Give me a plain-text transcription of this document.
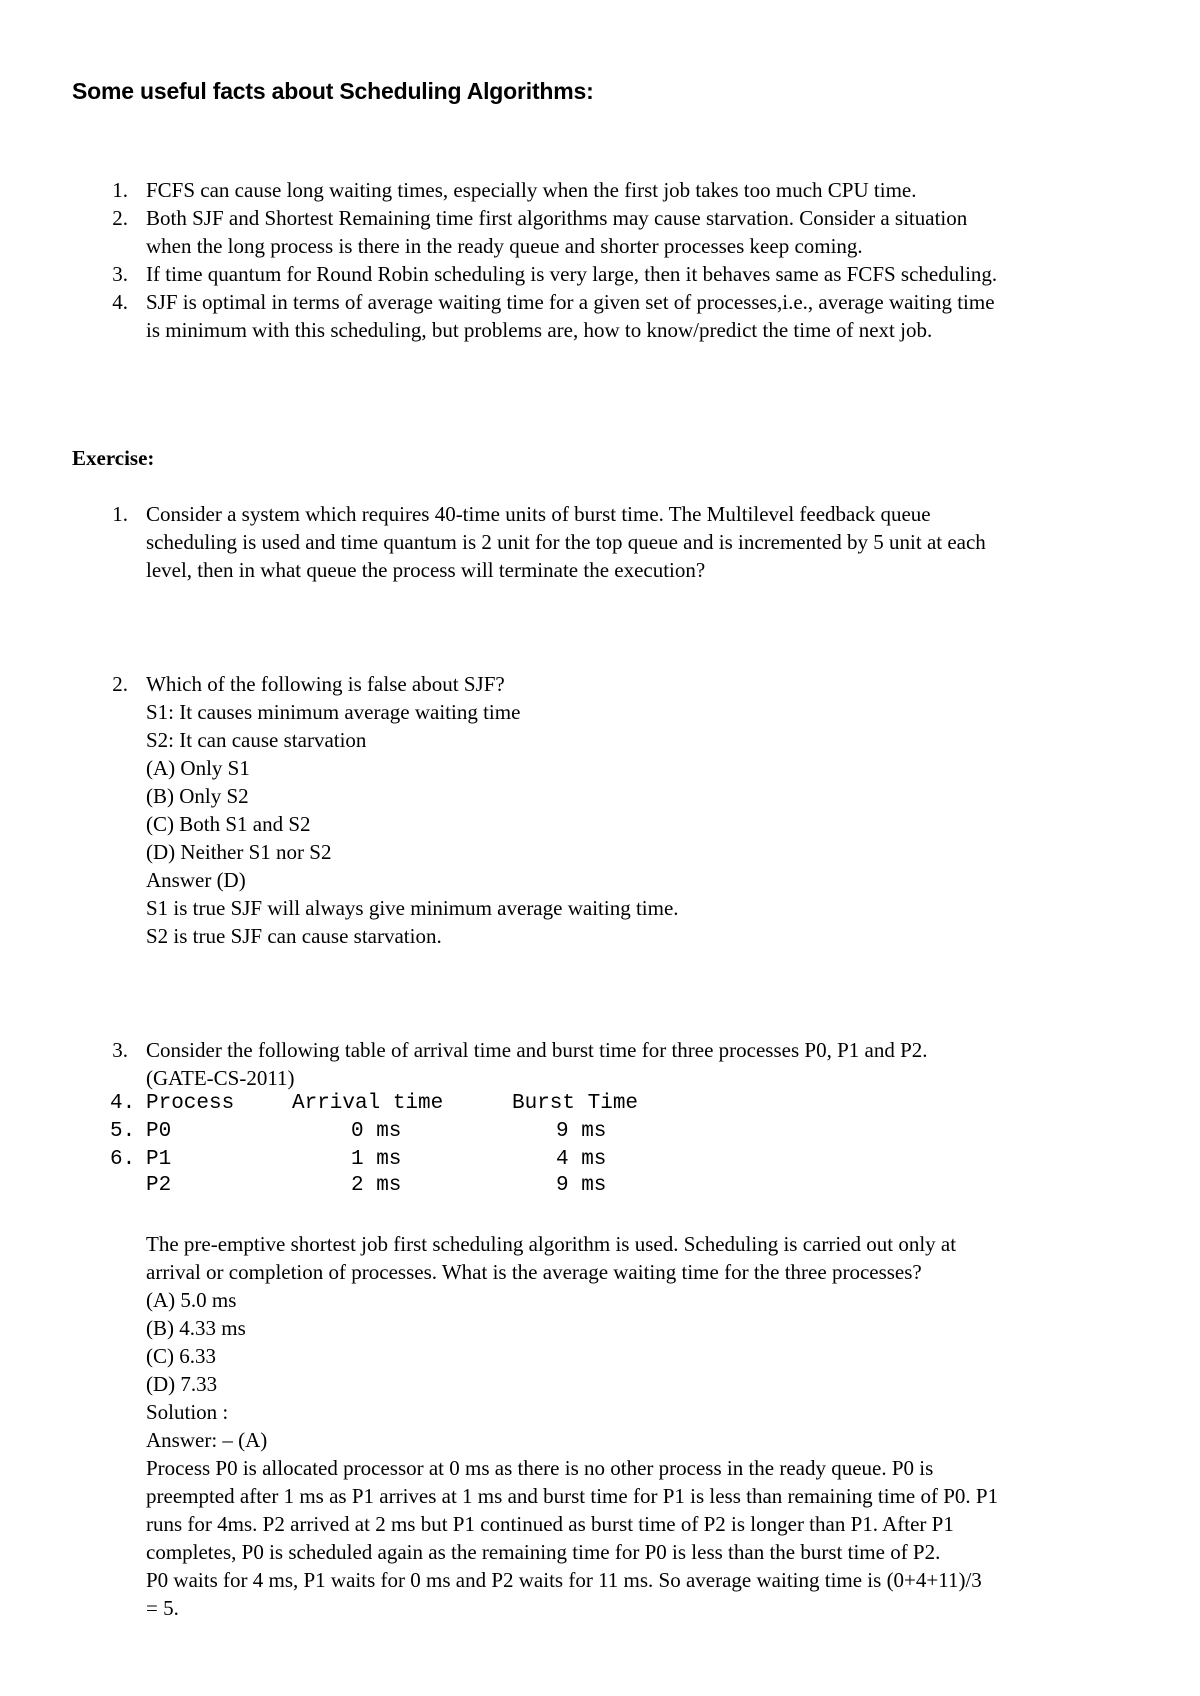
Some useful facts about Scheduling Algorithms:
1. FCFS can cause long waiting times, especially when the first job takes too much CPU time.
2. Both SJF and Shortest Remaining time first algorithms may cause starvation. Consider a situation
when the long process is there in the ready queue and shorter processes keep coming.
3. If time quantum for Round Robin scheduling is very large, then it behaves same as FCFS scheduling.
4. SJF is optimal in terms of average waiting time for a given set of processes,i.e., average waiting time
is minimum with this scheduling, but problems are, how to know/predict the time of next job.
Exercise:
1. Consider a system which requires 40-time units of burst time. The Multilevel feedback queue
scheduling is used and time quantum is 2 unit for the top queue and is incremented by 5 unit at each
level, then in what queue the process will terminate the execution?
2. Which of the following is false about SJF?
S1: It causes minimum average waiting time
S2: It can cause starvation
(A) Only S1
(B) Only S2
(C) Both S1 and S2
(D) Neither S1 nor S2
Answer (D)
S1 is true SJF will always give minimum average waiting time.
S2 is true SJF can cause starvation.
3. Consider the following table of arrival time and burst time for three processes P0, P1 and P2.
(GATE-CS-2011)
4.
5.
6.
Process	Arrival time	Burst Time
P0	0 ms	9 ms
P1	1 ms	4 ms
P2	2 ms	9 ms
The pre-emptive shortest job first scheduling algorithm is used. Scheduling is carried out only at
arrival or completion of processes. What is the average waiting time for the three processes?
(A) 5.0 ms
(B) 4.33 ms
(C) 6.33
(D) 7.33
Solution :
Answer: – (A)
Process P0 is allocated processor at 0 ms as there is no other process in the ready queue. P0 is
preempted after 1 ms as P1 arrives at 1 ms and burst time for P1 is less than remaining time of P0. P1
runs for 4ms. P2 arrived at 2 ms but P1 continued as burst time of P2 is longer than P1. After P1
completes, P0 is scheduled again as the remaining time for P0 is less than the burst time of P2.
P0 waits for 4 ms, P1 waits for 0 ms and P2 waits for 11 ms. So average waiting time is (0+4+11)/3
= 5.
